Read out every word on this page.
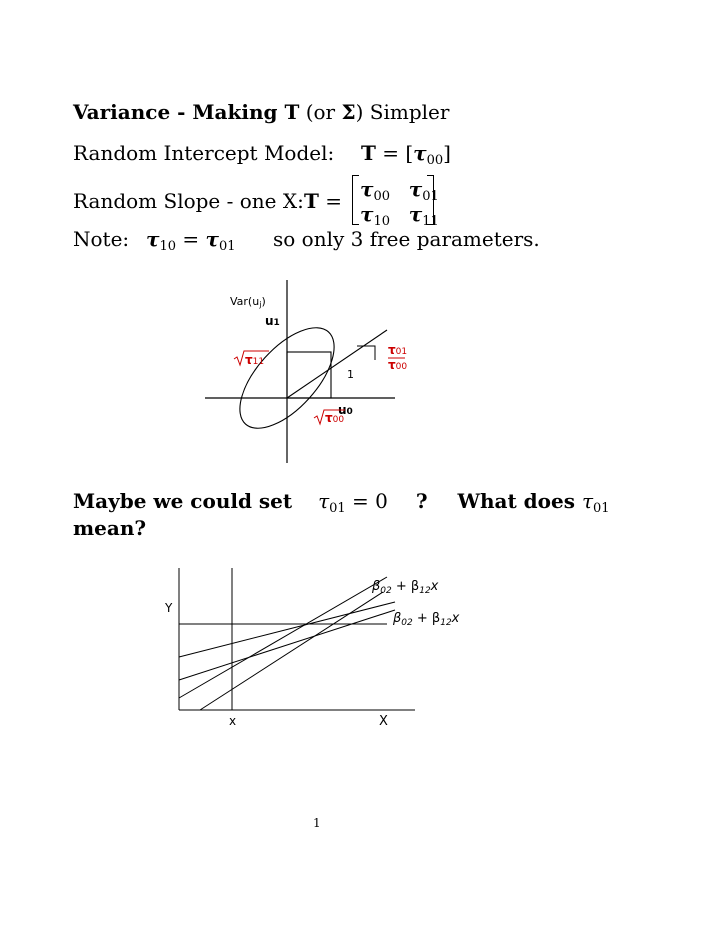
Variance - Making T (or Σ) Simpler
Random Intercept Model: $T = [\tau_{00}]$
Random Slope - one X: $T = \tau_{00}$ $\tau_{01}$
$\tau_{10}$ $\tau_{11}$
Note: $\tau_{10} = \tau_{01}$ so only 3 free parameters.
Var(uj)
u1
u0
τ11
τ00
τ01
τ00
1
Maybe we could set $\tau_{01} = 0$ ? What does $\tau_{01}$
mean?
Y
x	X
$\beta_{02} + \beta_{12}x$
$\beta_{02} + \beta_{12}x$
1
